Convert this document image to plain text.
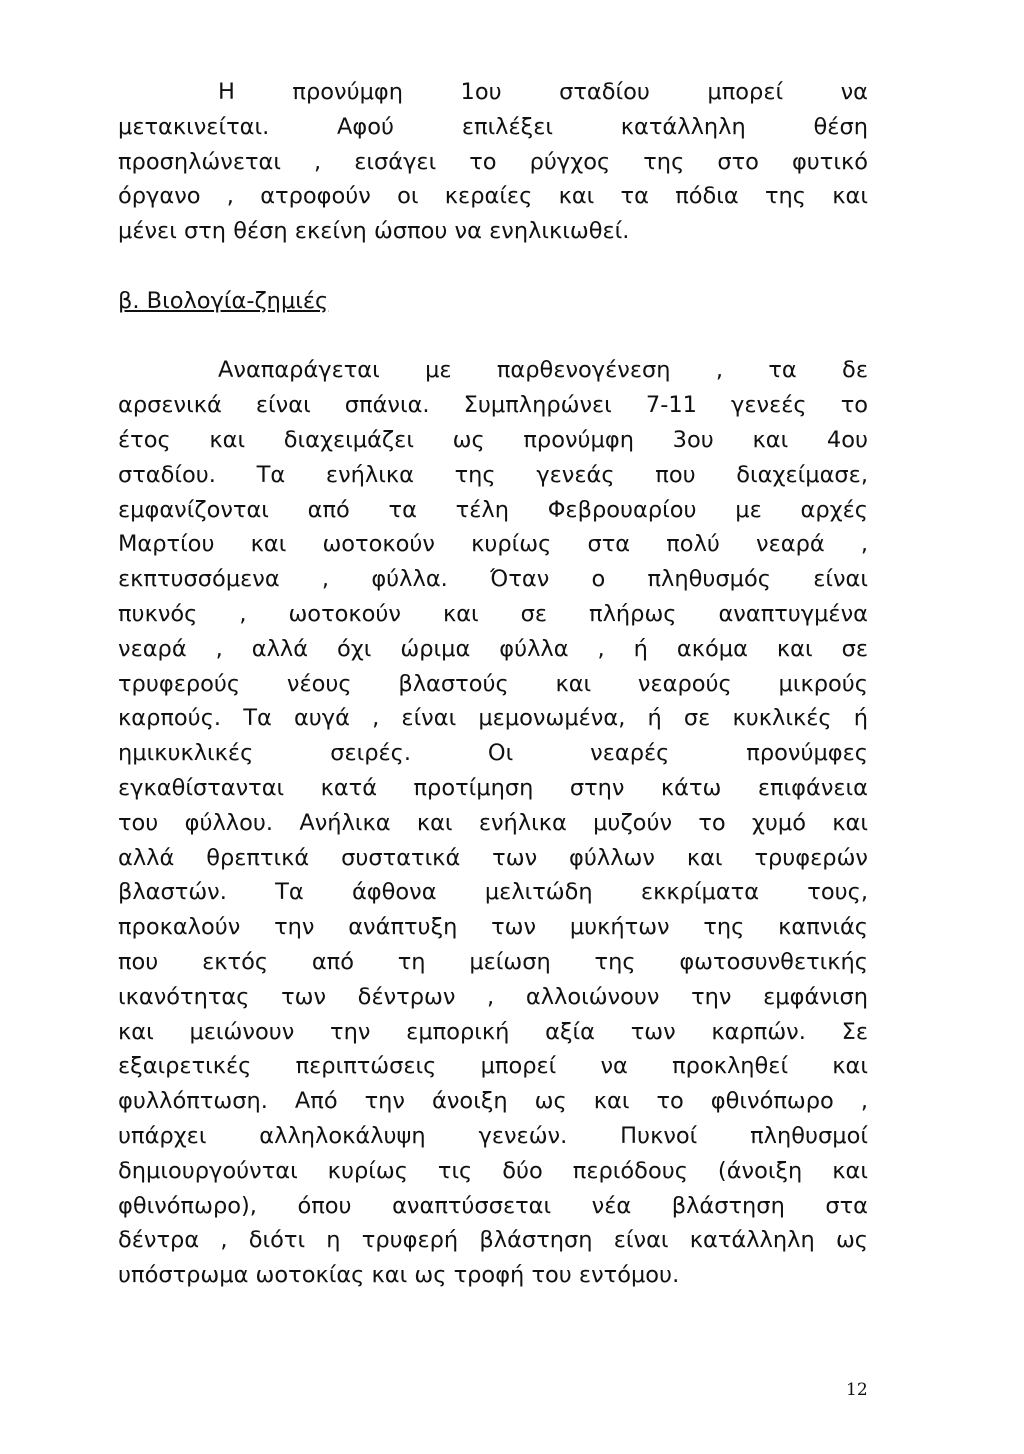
Η προνύμφη 1ου σταδίου μπορεί να
μετακινείται. Αφού επιλέξει κατάλληλη θέση
προσηλώνεται , εισάγει το ρύγχος της στο φυτικό
όργανο , ατροφούν οι κεραίες και τα πόδια της και
μένει στη θέση εκείνη ώσπου να ενηλικιωθεί.
β. Βιολογία-ζημιές
Αναπαράγεται με παρθενογένεση , τα δε
αρσενικά είναι σπάνια. Συμπληρώνει 7-11 γενεές το
έτος και διαχειμάζει ως προνύμφη 3ου και 4ου
σταδίου. Τα ενήλικα της γενεάς που διαχείμασε,
εμφανίζονται από τα τέλη Φεβρουαρίου με αρχές
Μαρτίου και ωοτοκούν κυρίως στα πολύ νεαρά ,
εκπτυσσόμενα , φύλλα. Όταν ο πληθυσμός είναι
πυκνός , ωοτοκούν και σε πλήρως αναπτυγμένα
νεαρά , αλλά όχι ώριμα φύλλα , ή ακόμα και σε
τρυφερούς νέους βλαστούς και νεαρούς μικρούς
καρπούς. Τα αυγά , είναι μεμονωμένα, ή σε κυκλικές ή
ημικυκλικές σειρές. Οι νεαρές προνύμφες
εγκαθίστανται κατά προτίμηση στην κάτω επιφάνεια
του φύλλου. Ανήλικα και ενήλικα μυζούν το χυμό και
αλλά θρεπτικά συστατικά των φύλλων και τρυφερών
βλαστών. Τα άφθονα μελιτώδη εκκρίματα τους,
προκαλούν την ανάπτυξη των μυκήτων της καπνιάς
που εκτός από τη μείωση της φωτοσυνθετικής
ικανότητας των δέντρων , αλλοιώνουν την εμφάνιση
και μειώνουν την εμπορική αξία των καρπών. Σε
εξαιρετικές περιπτώσεις μπορεί να προκληθεί και
φυλλόπτωση. Από την άνοιξη ως και το φθινόπωρο ,
υπάρχει αλληλοκάλυψη γενεών. Πυκνοί πληθυσμοί
δημιουργούνται κυρίως τις δύο περιόδους (άνοιξη και
φθινόπωρο), όπου αναπτύσσεται νέα βλάστηση στα
δέντρα , διότι η τρυφερή βλάστηση είναι κατάλληλη ως
υπόστρωμα ωοτοκίας και ως τροφή του εντόμου.
12
